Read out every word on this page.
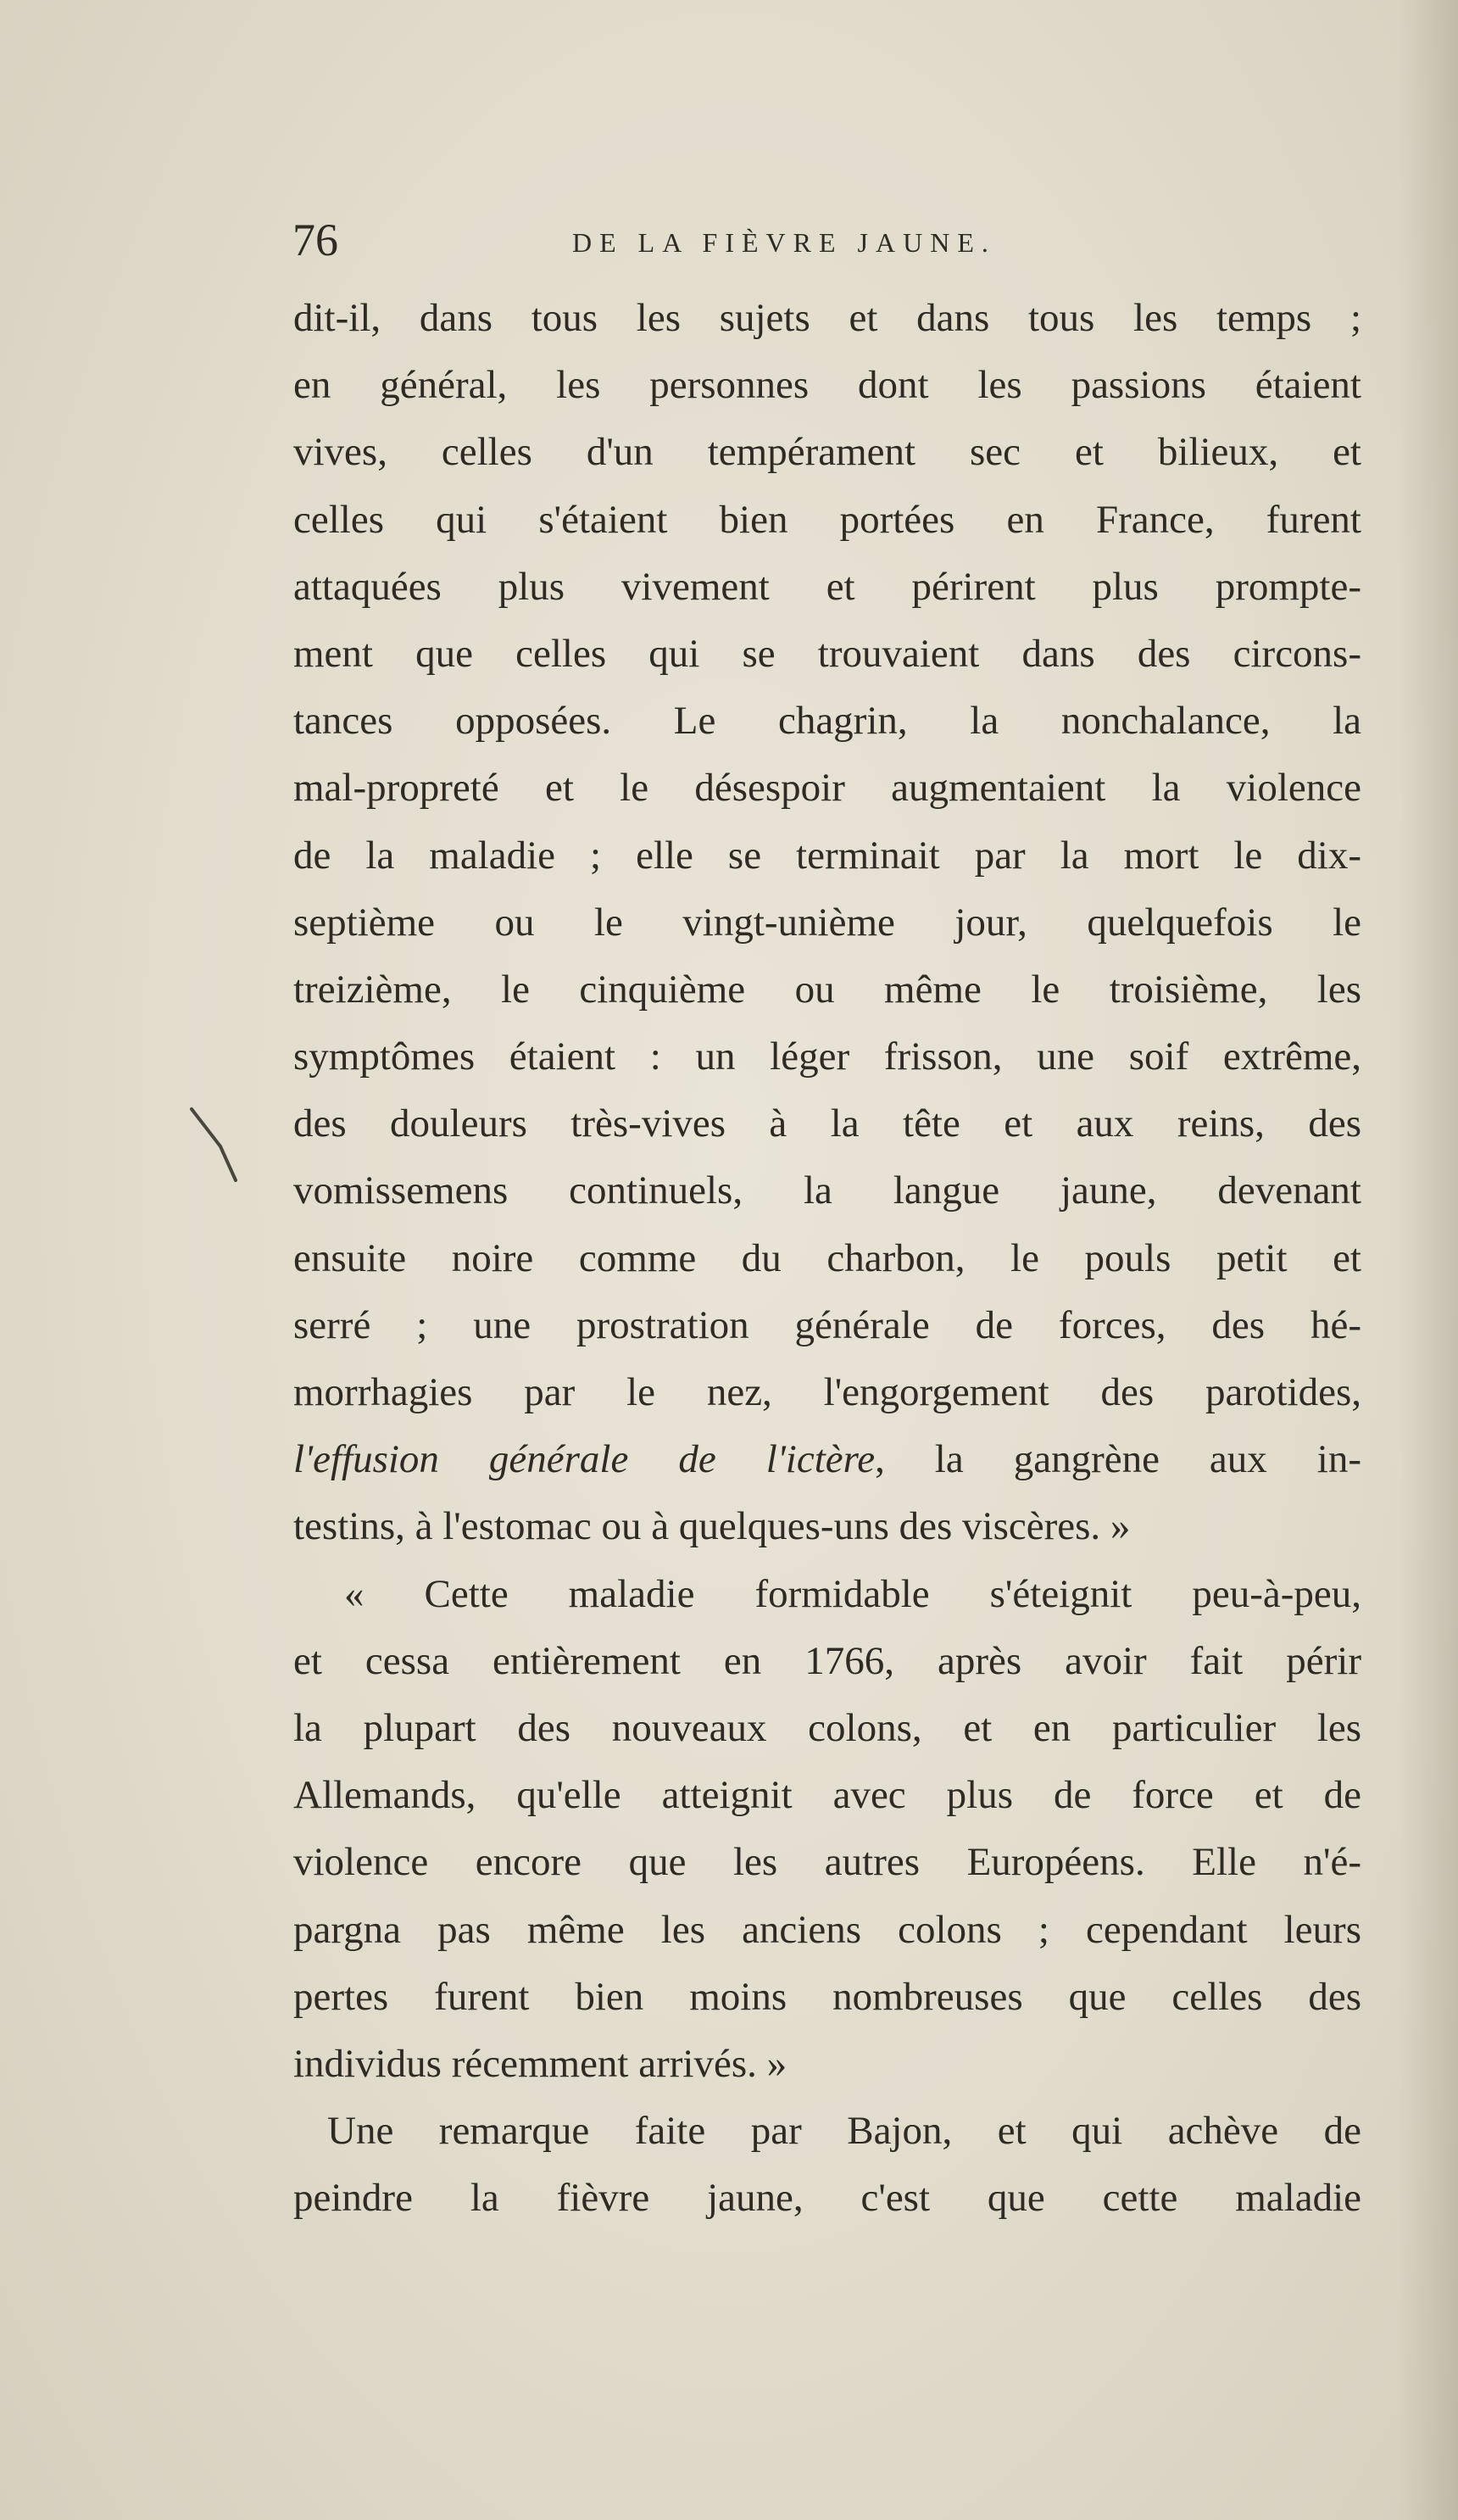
76	DE LA FIÈVRE JAUNE.
dit-il, dans tous les sujets et dans tous les temps ;
en général, les personnes dont les passions étaient
vives, celles d'un tempérament sec et bilieux, et
celles qui s'étaient bien portées en France, furent
attaquées plus vivement et périrent plus prompte-
ment que celles qui se trouvaient dans des circons-
tances opposées. Le chagrin, la nonchalance, la
mal-propreté et le désespoir augmentaient la violence
de la maladie ; elle se terminait par la mort le dix-
septième ou le vingt-unième jour, quelquefois le
treizième, le cinquième ou même le troisième, les
symptômes étaient : un léger frisson, une soif extrême,
des douleurs très-vives à la tête et aux reins, des
vomissemens continuels, la langue jaune, devenant
ensuite noire comme du charbon, le pouls petit et
serré ; une prostration générale de forces, des hé-
morrhagies par le nez, l'engorgement des parotides,
l'effusion générale de l'ictère, la gangrène aux in-
testins, à l'estomac ou à quelques-uns des viscères. »
« Cette maladie formidable s'éteignit peu-à-peu,
et cessa entièrement en 1766, après avoir fait périr
la plupart des nouveaux colons, et en particulier les
Allemands, qu'elle atteignit avec plus de force et de
violence encore que les autres Européens. Elle n'é-
pargna pas même les anciens colons ; cependant leurs
pertes furent bien moins nombreuses que celles des
individus récemment arrivés. »
Une remarque faite par Bajon, et qui achève de
peindre la fièvre jaune, c'est que cette maladie
